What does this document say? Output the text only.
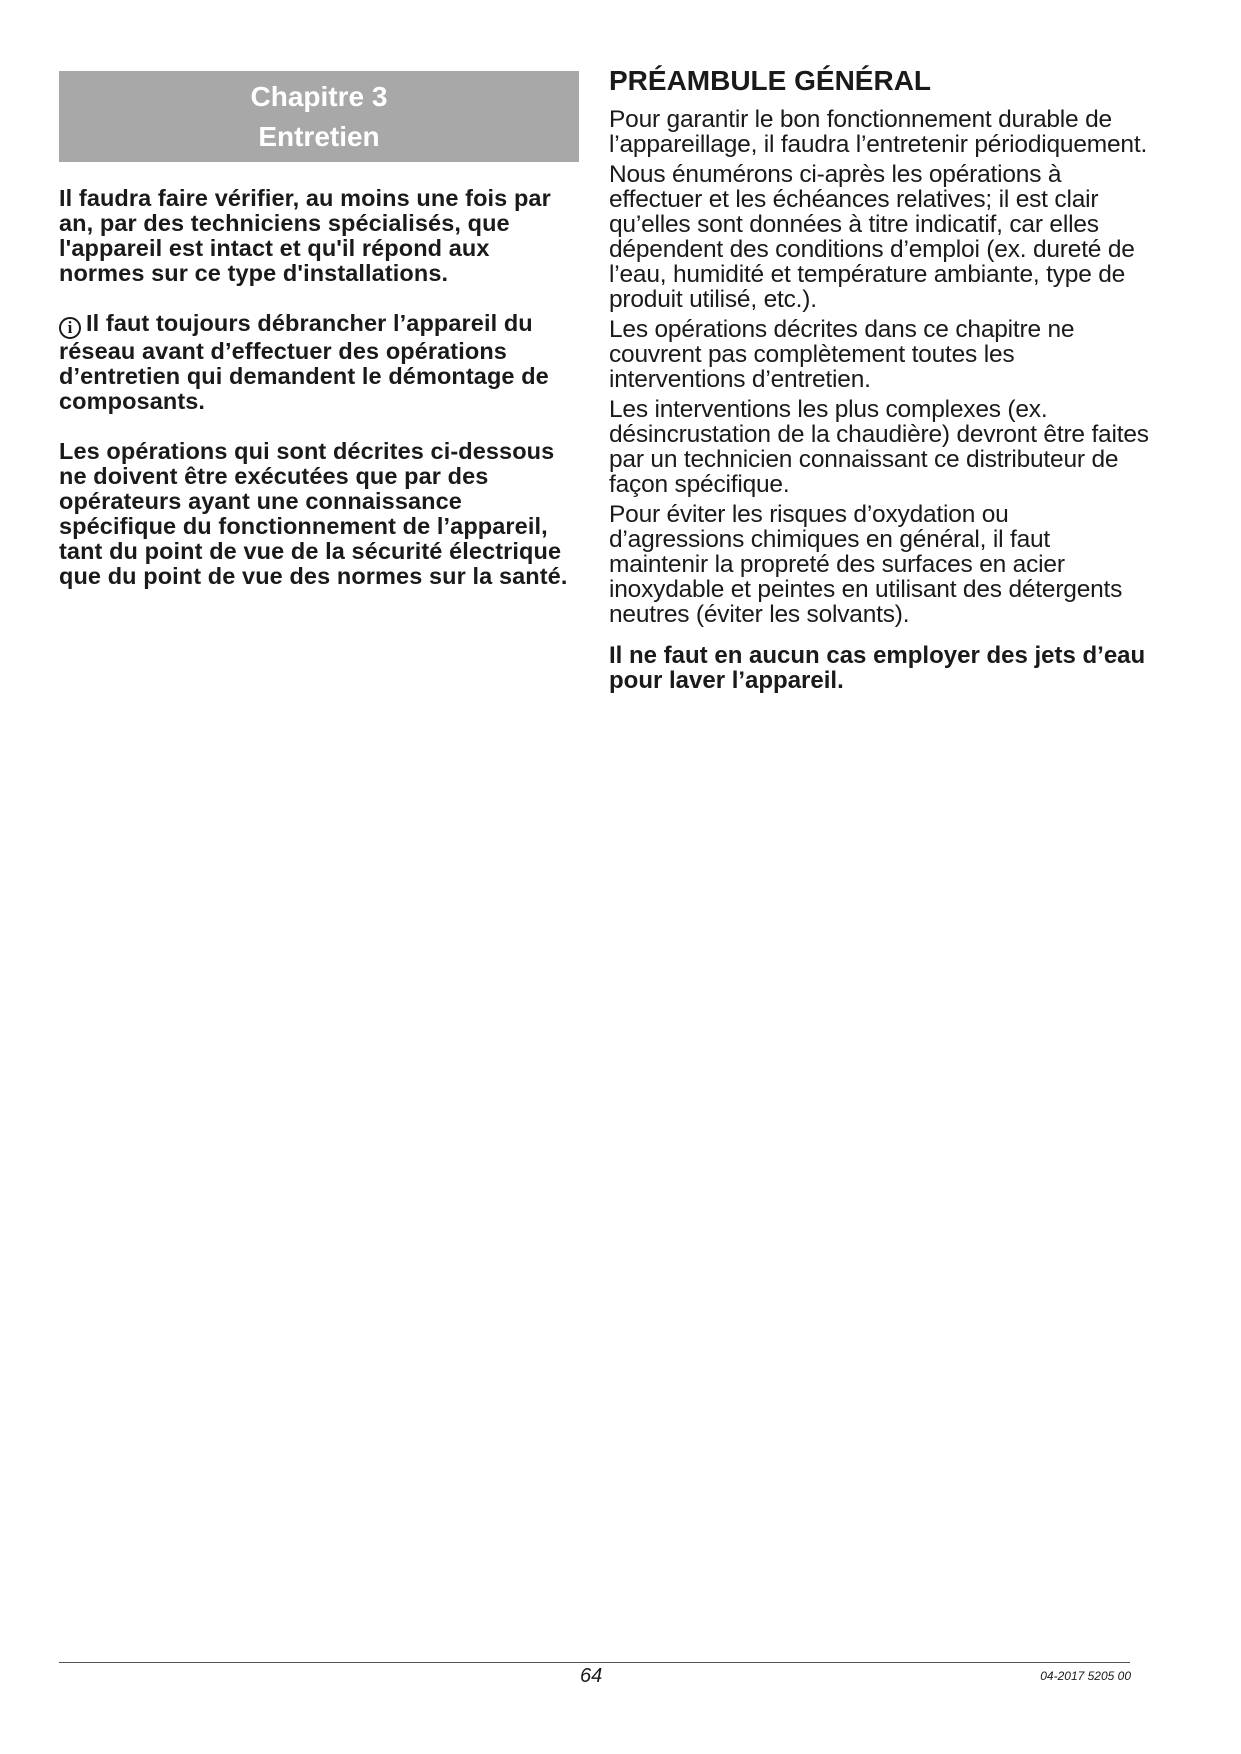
Chapitre 3
Entretien

Il faudra faire vérifier, au moins une fois par an, par des techniciens spécialisés, que l'appareil est intact et qu'il répond aux normes sur ce type d'installations.

i Il faut toujours débrancher l’appareil du réseau avant d’effectuer des opérations d’entretien qui demandent le démontage de composants.

Les opérations qui sont décrites ci-dessous ne doivent être exécutées que par des opérateurs ayant une connaissance spécifique du fonctionnement de l’appareil, tant du point de vue de la sécurité électrique que du point de vue des normes sur la santé.

PRÉAMBULE GÉNÉRAL

Pour garantir le bon fonctionnement durable de l’appareillage, il faudra l’entretenir périodiquement.

Nous énumérons ci-après les opérations à effectuer et les échéances relatives; il est clair qu’elles sont données à titre indicatif, car elles dépendent des conditions d’emploi (ex. dureté de l’eau, humidité et température ambiante, type de produit utilisé, etc.).

Les opérations décrites dans ce chapitre ne couvrent pas complètement toutes les interventions d’entretien.

Les interventions les plus complexes (ex. désincrustation de la chaudière) devront être faites par un technicien connaissant ce distributeur de façon spécifique.

Pour éviter les risques d’oxydation ou d’agressions chimiques en général, il faut maintenir la propreté des surfaces en acier inoxydable et peintes en utilisant des détergents neutres (éviter les solvants).

Il ne faut en aucun cas employer des jets d’eau pour laver l’appareil.

64	04-2017 5205 00
